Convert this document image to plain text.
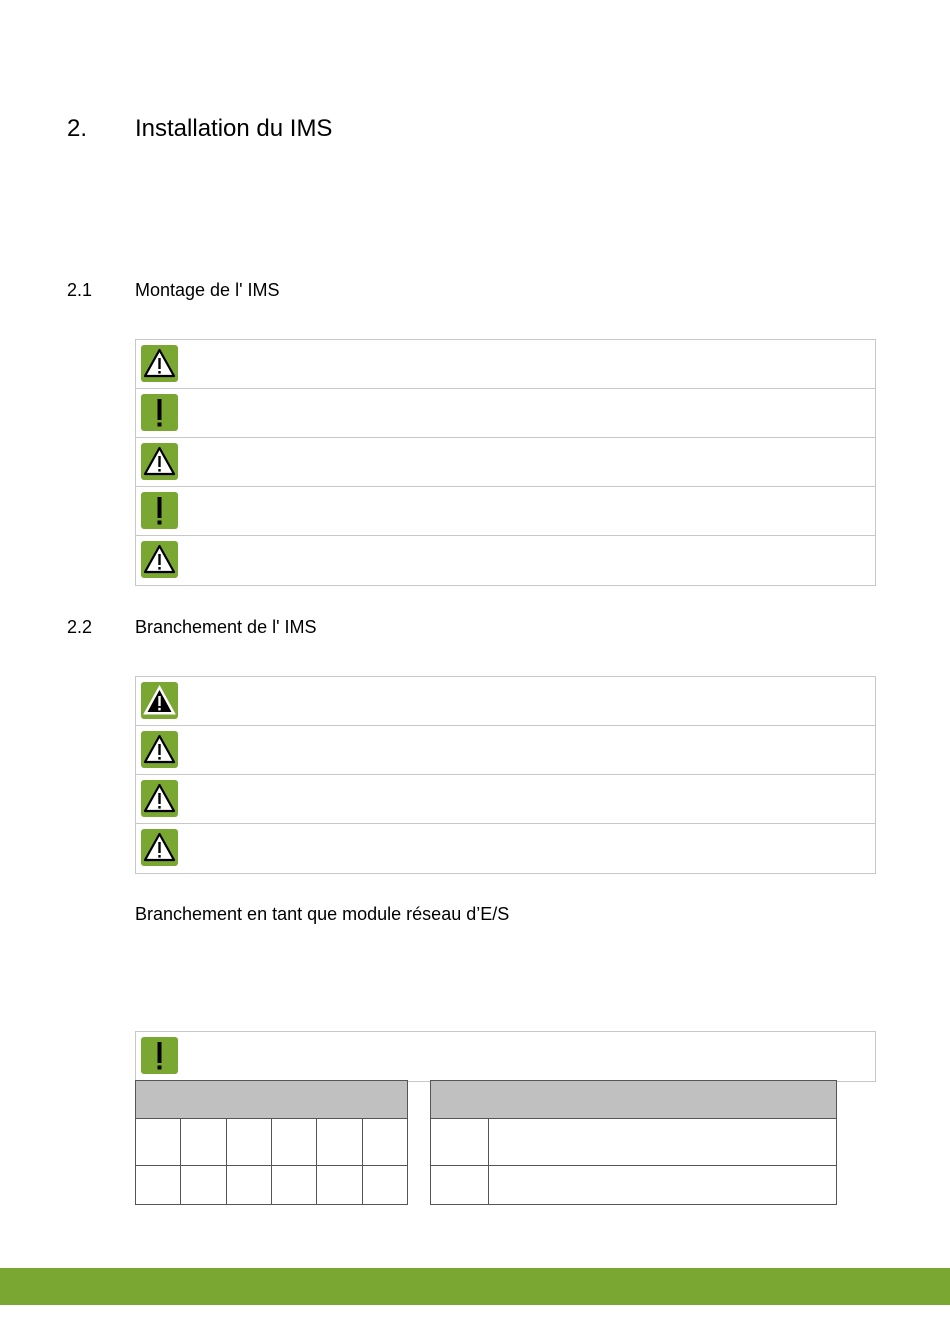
2. Installation du IMS
2.1 Montage de l' IMS
2.2 Branchement de l' IMS
Branchement en tant que module réseau d’E/S
